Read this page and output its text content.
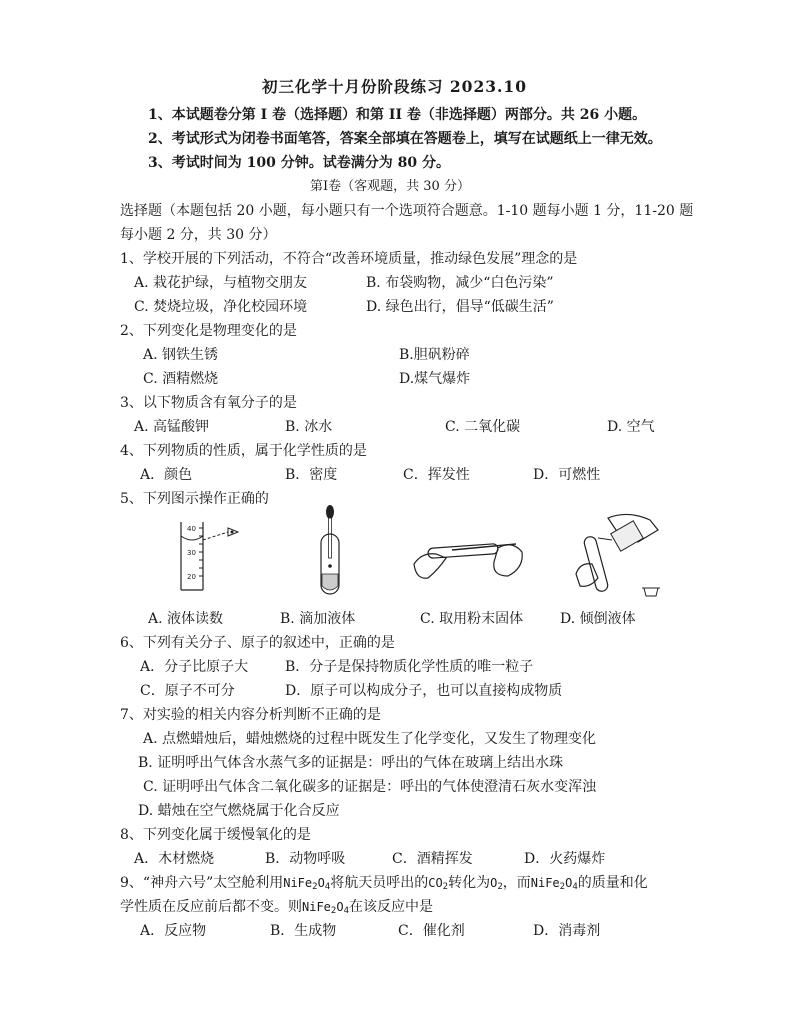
初三化学十月份阶段练习 2023.10
1、本试题卷分第 I 卷（选择题）和第 II 卷（非选择题）两部分。共 26 小题。
2、考试形式为闭卷书面笔答，答案全部填在答题卷上，填写在试题纸上一律无效。
3、考试时间为 100 分钟。试卷满分为 80 分。
第Ⅰ卷（客观题，共 30 分）
选择题（本题包括 20 小题，每小题只有一个选项符合题意。1-10 题每小题 1 分，11-20 题
每小题 2 分，共 30 分）
1、学校开展的下列活动，不符合“改善环境质量，推动绿色发展”理念的是
A. 栽花护绿，与植物交朋友	B. 布袋购物，减少“白色污染”
C. 焚烧垃圾，净化校园环境	D. 绿色出行，倡导“低碳生活”
2、下列变化是物理变化的是
A. 钢铁生锈	B.胆矾粉碎
C. 酒精燃烧	D.煤气爆炸
3、以下物质含有氧分子的是
A. 高锰酸钾	B. 冰水	C. 二氧化碳	D. 空气
4、下列物质的性质，属于化学性质的是
A．颜色	B．密度	C．挥发性	D．可燃性
5、下列图示操作正确的
40
30
20
A. 液体读数	B. 滴加液体	C. 取用粉末固体	D. 倾倒液体
6、下列有关分子、原子的叙述中，正确的是
A．分子比原子大	B．分子是保持物质化学性质的唯一粒子
C．原子不可分	D．原子可以构成分子，也可以直接构成物质
7、对实验的相关内容分析判断不正确的是
A. 点燃蜡烛后，蜡烛燃烧的过程中既发生了化学变化，又发生了物理变化
B. 证明呼出气体含水蒸气多的证据是：呼出的气体在玻璃上结出水珠
C. 证明呼出气体含二氧化碳多的证据是：呼出的气体使澄清石灰水变浑浊
D. 蜡烛在空气燃烧属于化合反应
8、下列变化属于缓慢氧化的是
A．木材燃烧	B．动物呼吸	C．酒精挥发	D．火药爆炸
9、“神舟六号”太空舱利用$NiFe_2O_4$将航天员呼出的$CO_2$转化为$O_2$，而$NiFe_2O_4$的质量和化
学性质在反应前后都不变。则$NiFe_2O_4$在该反应中是
A．反应物	B．生成物	C．催化剂	D．消毒剂
